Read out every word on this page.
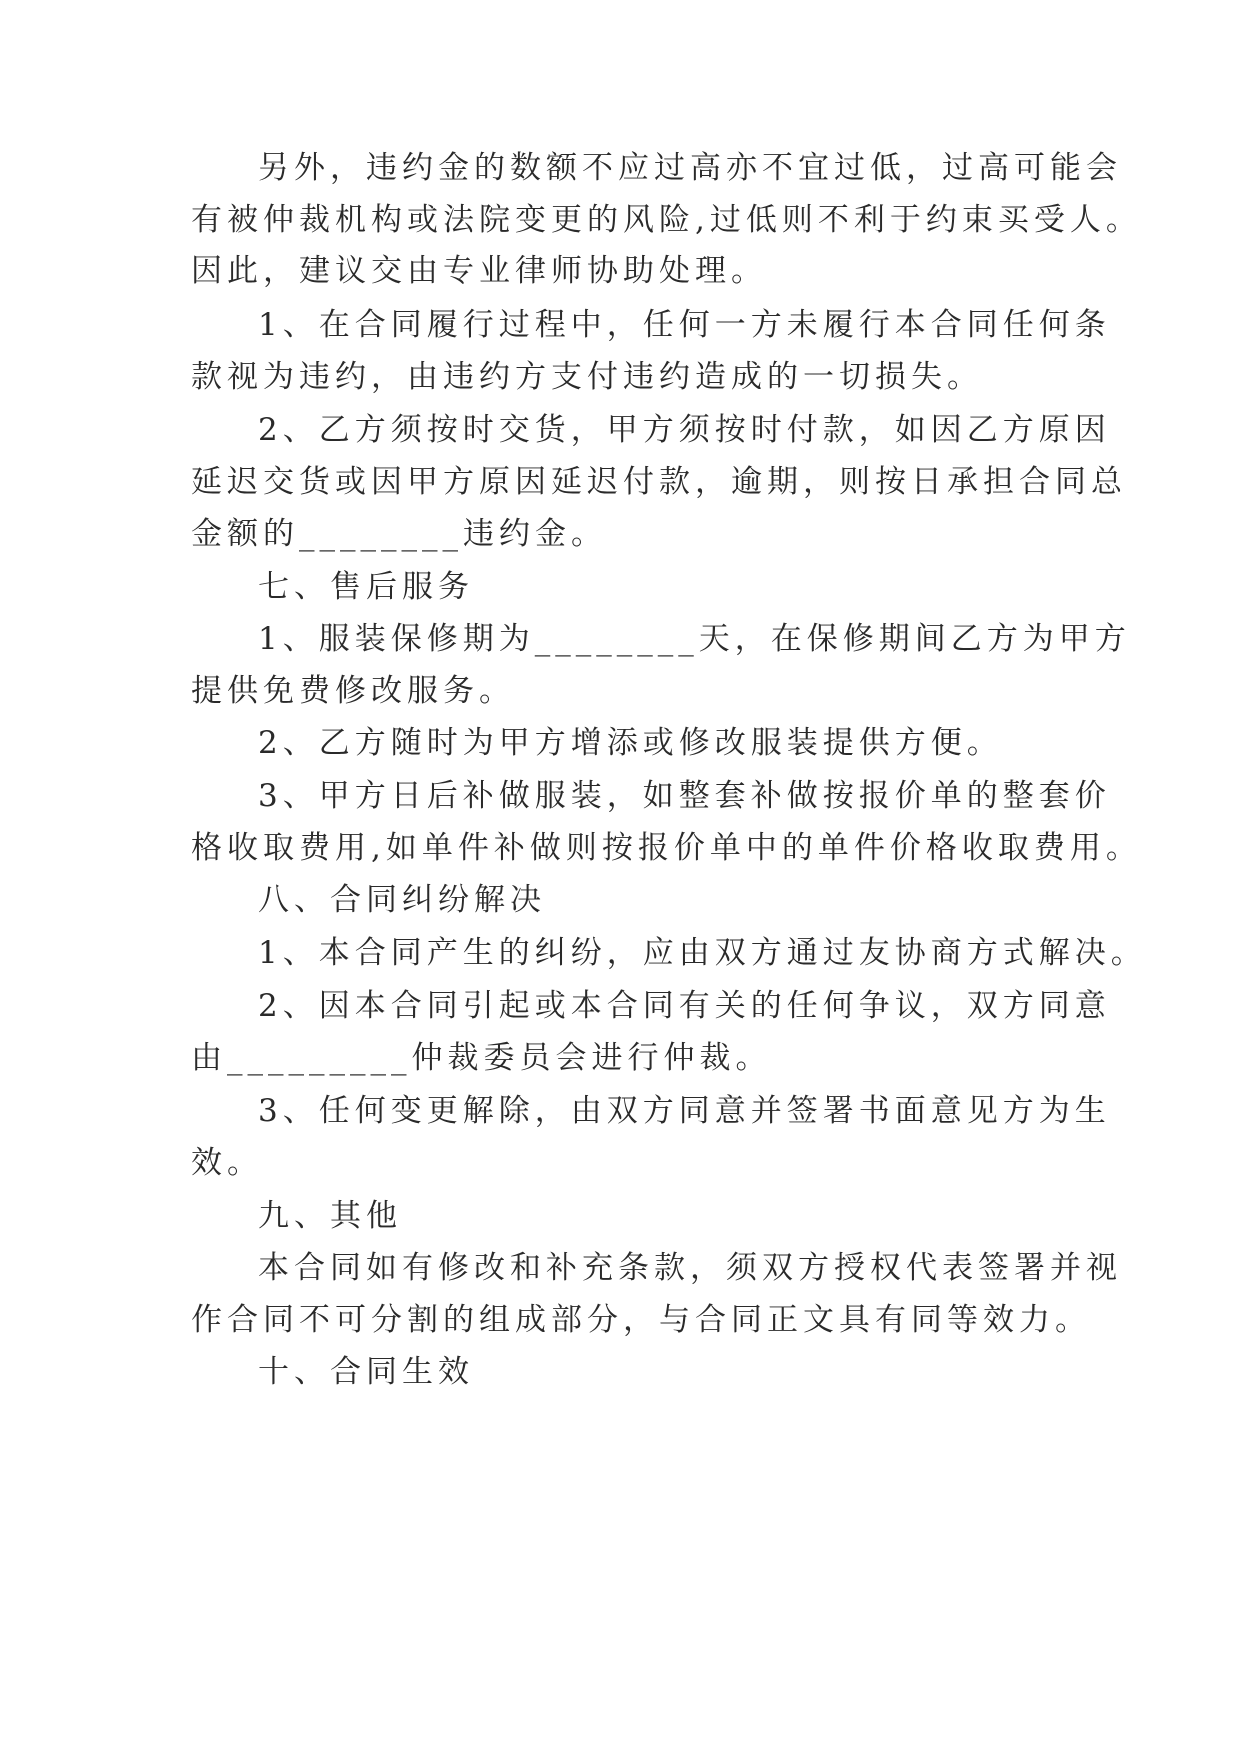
另外，违约金的数额不应过高亦不宜过低，过高可能会
有被仲裁机构或法院变更的风险,过低则不利于约束买受人。
因此，建议交由专业律师协助处理。
1、在合同履行过程中，任何一方未履行本合同任何条
款视为违约，由违约方支付违约造成的一切损失。
2、乙方须按时交货，甲方须按时付款，如因乙方原因
延迟交货或因甲方原因延迟付款，逾期，则按日承担合同总
金额的________违约金。
七、售后服务
1、服装保修期为________天，在保修期间乙方为甲方
提供免费修改服务。
2、乙方随时为甲方增添或修改服装提供方便。
3、甲方日后补做服装，如整套补做按报价单的整套价
格收取费用,如单件补做则按报价单中的单件价格收取费用。
八、合同纠纷解决
1、本合同产生的纠纷，应由双方通过友协商方式解决。
2、因本合同引起或本合同有关的任何争议，双方同意
由_________仲裁委员会进行仲裁。
3、任何变更解除，由双方同意并签署书面意见方为生
效。
九、其他
本合同如有修改和补充条款，须双方授权代表签署并视
作合同不可分割的组成部分，与合同正文具有同等效力。
十、合同生效
